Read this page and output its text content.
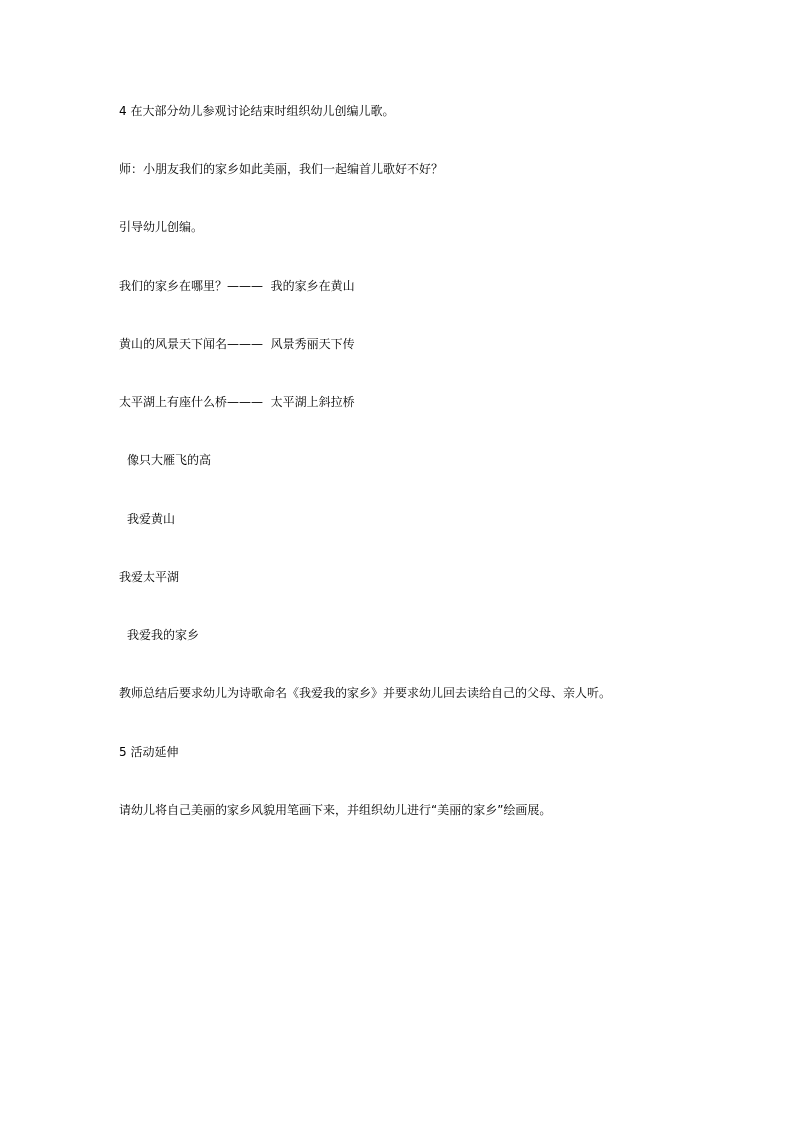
4 在大部分幼儿参观讨论结束时组织幼儿创编儿歌。

师：小朋友我们的家乡如此美丽，我们一起编首儿歌好不好？

引导幼儿创编。

我们的家乡在哪里？———  我的家乡在黄山

黄山的风景天下闻名———  风景秀丽天下传

太平湖上有座什么桥———  太平湖上斜拉桥

像只大雁飞的高

我爱黄山

我爱太平湖

我爱我的家乡

教师总结后要求幼儿为诗歌命名《我爱我的家乡》并要求幼儿回去读给自己的父母、亲人听。

5 活动延伸

请幼儿将自己美丽的家乡风貌用笔画下来，并组织幼儿进行“美丽的家乡”绘画展。
